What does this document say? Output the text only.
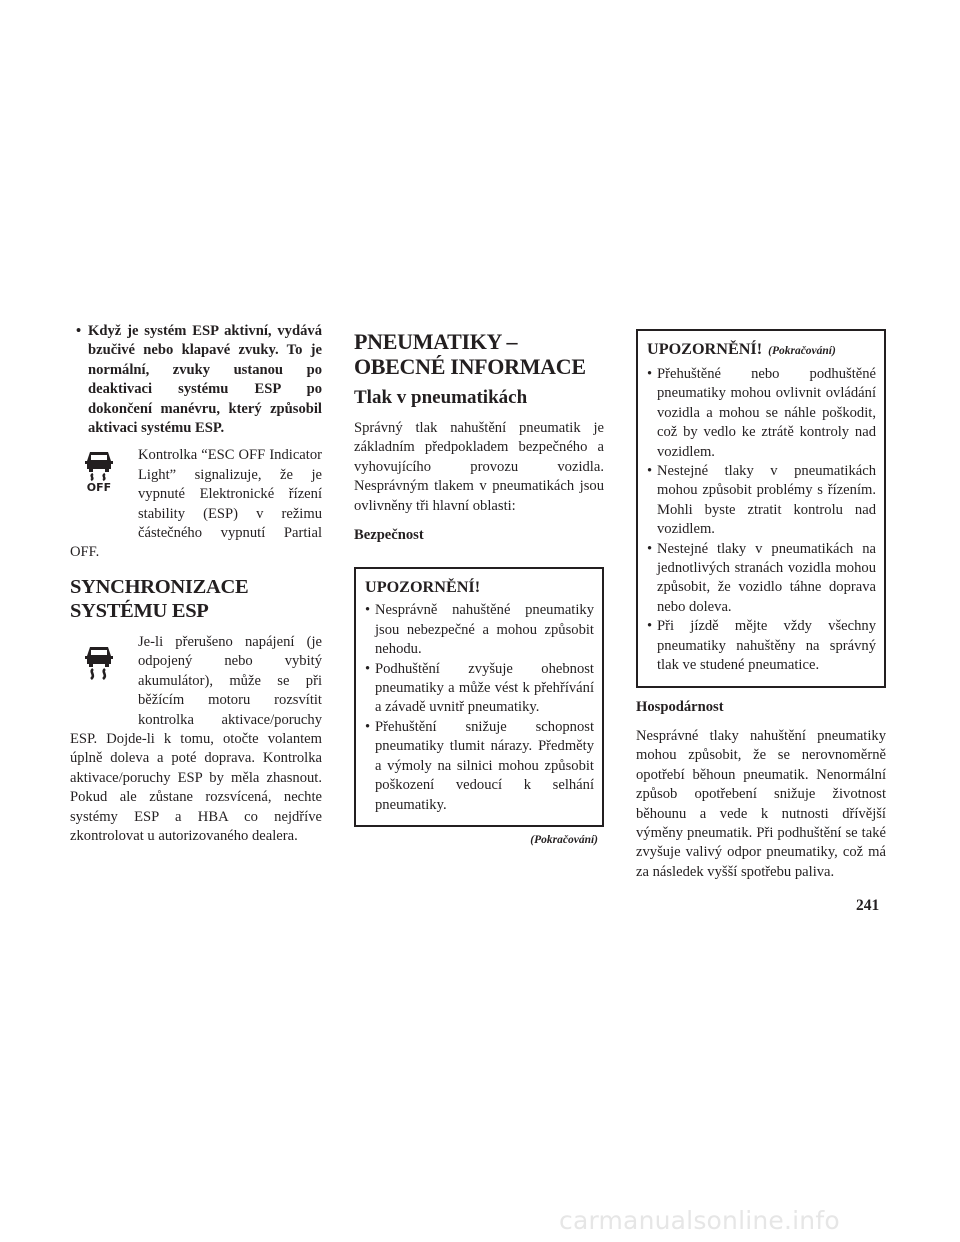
• Když je systém ESP aktivní, vydává bzučivé nebo klapavé zvuky. To je normální, zvuky ustanou po deaktivaci systému ESP po dokončení manévru, který způsobil aktivaci systému ESP.
OFF

Kontrolka “ESC OFF Indicator Light” signalizuje, že je vypnuté Elektronické řízení stability (ESP) v režimu částečného vypnutí Partial OFF.

SYNCHRONIZACE
SYSTÉMU ESP

Je-li přerušeno napájení (je odpojený nebo vybitý akumulátor), může se při běžícím motoru rozsvítit kontrolka aktivace/poruchy ESP. Dojde-li k tomu, otočte volantem úplně doleva a poté doprava. Kontrolka aktivace/poruchy ESP by měla zhasnout. Pokud ale zůstane rozsvícená, nechte systémy ESP a HBA co nejdříve zkontrolovat u autorizovaného dealera.

PNEUMATIKY –
OBECNÉ INFORMACE
Tlak v pneumatikách

Správný tlak nahuštění pneumatik je základním předpokladem bezpečného a vyhovujícího provozu vozidla. Nesprávným tlakem v pneumatikách jsou ovlivněny tři hlavní oblasti:

Bezpečnost
UPOZORNĚNÍ!
• Nesprávně nahuštěné pneumatiky jsou nebezpečné a mohou způsobit nehodu.
• Podhuštění zvyšuje ohebnost pneumatiky a může vést k přehřívání a závadě uvnitř pneumatiky.
• Přehuštění snižuje schopnost pneumatiky tlumit nárazy. Předměty a výmoly na silnici mohou způsobit poškození vedoucí k selhání pneumatiky.
(Pokračování)
UPOZORNĚNÍ! (Pokračování)
• Přehuštěné nebo podhuštěné pneumatiky mohou ovlivnit ovládání vozidla a mohou se náhle poškodit, což by vedlo ke ztrátě kontroly nad vozidlem.
• Nestejné tlaky v pneumatikách mohou způsobit problémy s řízením. Mohli byste ztratit kontrolu nad vozidlem.
• Nestejné tlaky v pneumatikách na jednotlivých stranách vozidla mohou způsobit, že vozidlo táhne doprava nebo doleva.
• Při jízdě mějte vždy všechny pneumatiky nahuštěny na správný tlak ve studené pneumatice.
Hospodárnost

Nesprávné tlaky nahuštění pneumatiky mohou způsobit, že se nerovnoměrně opotřebí běhoun pneumatik. Nenormální způsob opotřebení snižuje životnost běhounu a vede k nutnosti dřívější výměny pneumatik. Při podhuštění se také zvyšuje valivý odpor pneumatiky, což má za následek vyšší spotřebu paliva.

241
carmanualsonline.info
